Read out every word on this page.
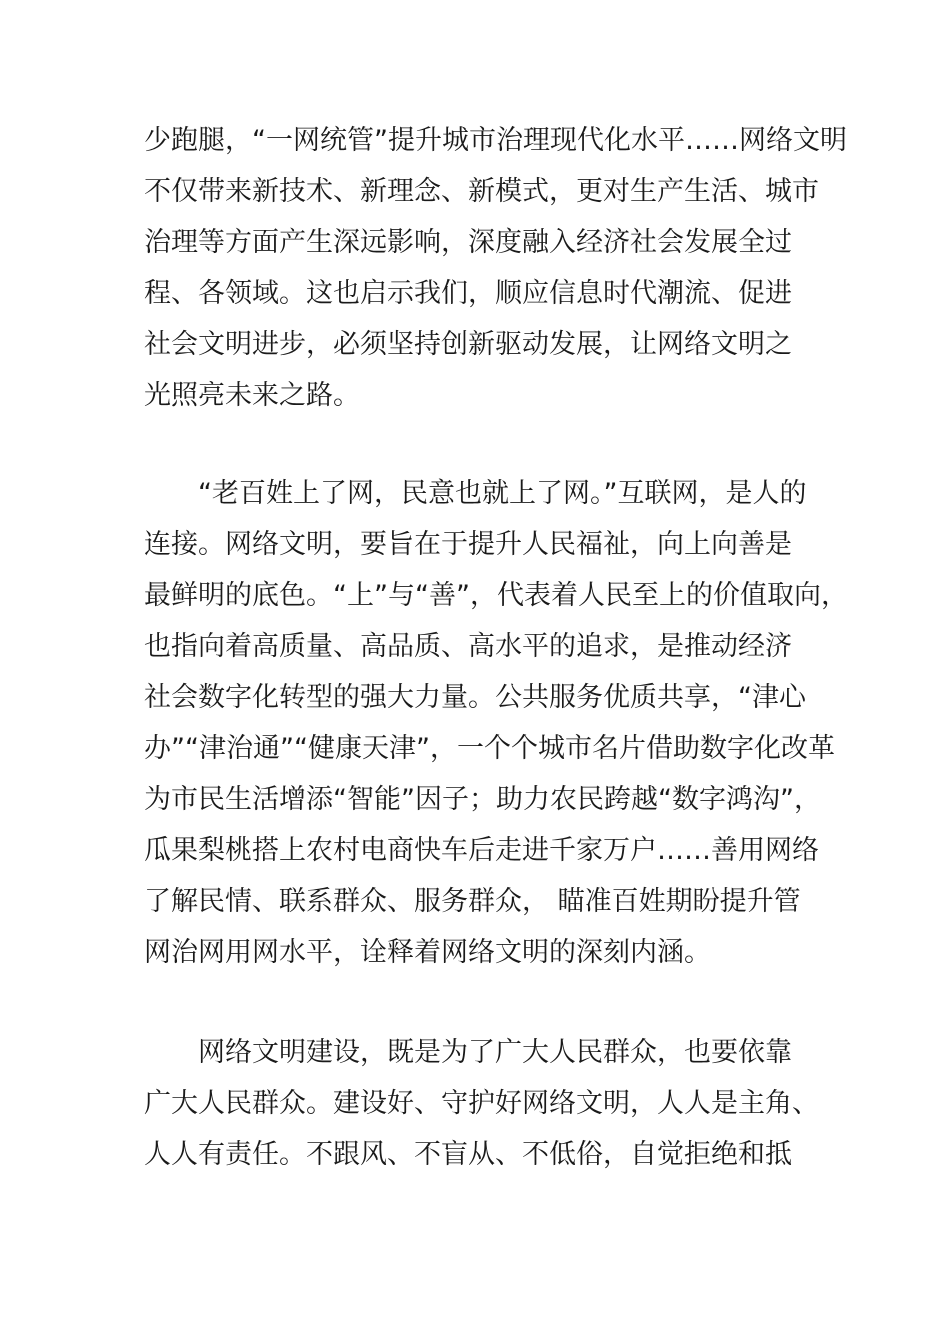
少跑腿，“一网统管”提升城市治理现代化水平……网络文明
不仅带来新技术、新理念、新模式，更对生产生活、城市
治理等方面产生深远影响，深度融入经济社会发展全过
程、各领域。这也启示我们，顺应信息时代潮流、促进
社会文明进步，必须坚持创新驱动发展，让网络文明之
光照亮未来之路。
“老百姓上了网，民意也就上了网。”互联网，是人的
连接。网络文明，要旨在于提升人民福祉，向上向善是
最鲜明的底色。“上”与“善”，代表着人民至上的价值取向，
也指向着高质量、高品质、高水平的追求，是推动经济
社会数字化转型的强大力量。公共服务优质共享，“津心
办”“津治通”“健康天津”，一个个城市名片借助数字化改革
为市民生活增添“智能”因子；助力农民跨越“数字鸿沟”，
瓜果梨桃搭上农村电商快车后走进千家万户……善用网络
了解民情、联系群众、服务群众， 瞄准百姓期盼提升管
网治网用网水平，诠释着网络文明的深刻内涵。
网络文明建设，既是为了广大人民群众，也要依靠
广大人民群众。建设好、守护好网络文明，人人是主角、
人人有责任。不跟风、不盲从、不低俗，自觉拒绝和抵
